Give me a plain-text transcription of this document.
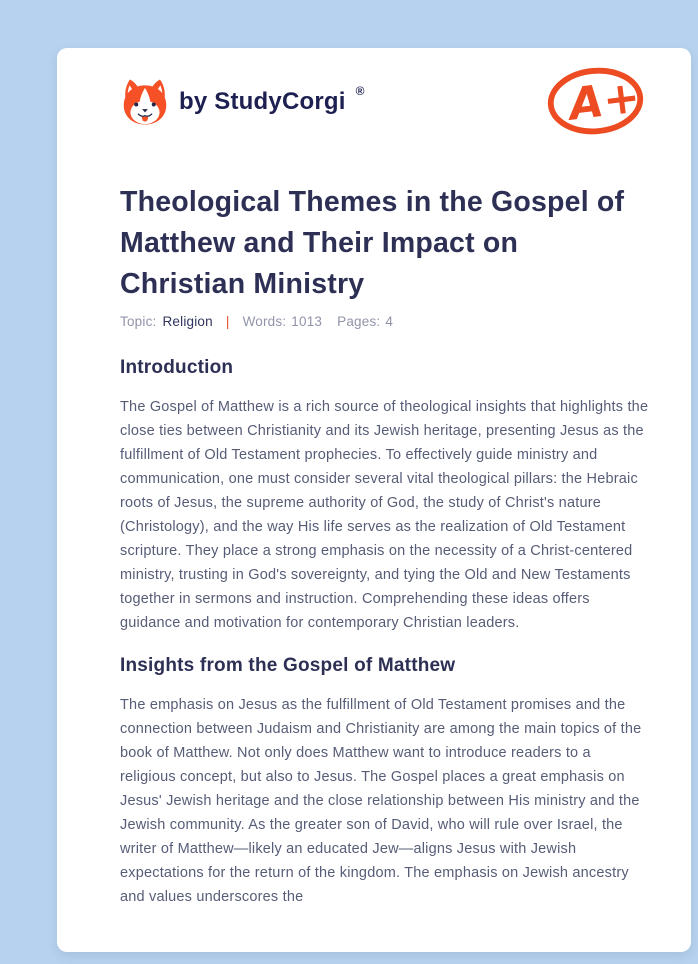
by StudyCorgi ®	A+
Theological Themes in the Gospel of Matthew and Their Impact on Christian Ministry
Topic: Religion | Words: 1013 Pages: 4
Introduction

The Gospel of Matthew is a rich source of theological insights that highlights the close ties between Christianity and its Jewish heritage, presenting Jesus as the fulfillment of Old Testament prophecies. To effectively guide ministry and communication, one must consider several vital theological pillars: the Hebraic roots of Jesus, the supreme authority of God, the study of Christ's nature (Christology), and the way His life serves as the realization of Old Testament scripture. They place a strong emphasis on the necessity of a Christ-centered ministry, trusting in God's sovereignty, and tying the Old and New Testaments together in sermons and instruction. Comprehending these ideas offers guidance and motivation for contemporary Christian leaders.

Insights from the Gospel of Matthew

The emphasis on Jesus as the fulfillment of Old Testament promises and the connection between Judaism and Christianity are among the main topics of the book of Matthew. Not only does Matthew want to introduce readers to a religious concept, but also to Jesus. The Gospel places a great emphasis on Jesus' Jewish heritage and the close relationship between His ministry and the Jewish community. As the greater son of David, who will rule over Israel, the writer of Matthew—likely an educated Jew—aligns Jesus with Jewish expectations for the return of the kingdom. The emphasis on Jewish ancestry and values underscores the
